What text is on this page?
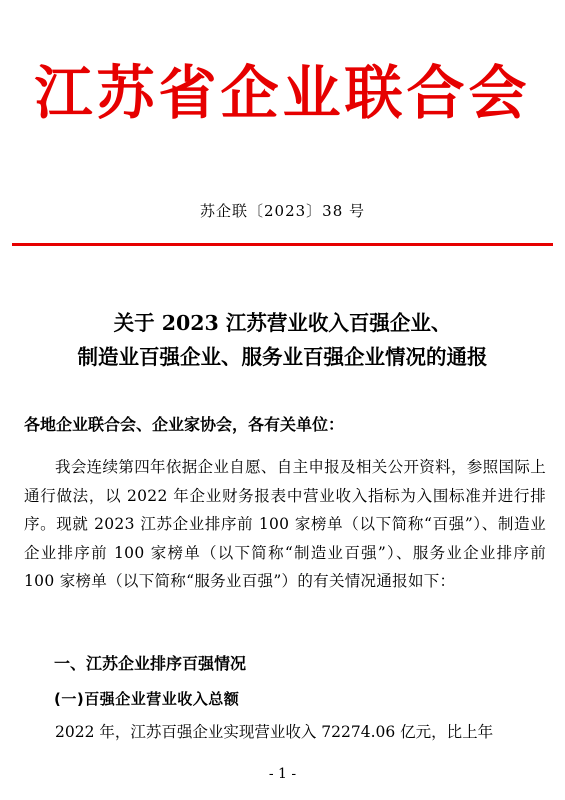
江苏省企业联合会
苏企联〔2023〕38 号
关于 2023 江苏营业收入百强企业、
制造业百强企业、服务业百强企业情况的通报
各地企业联合会、企业家协会，各有关单位：
我会连续第四年依据企业自愿、自主申报及相关公开资料，参照国际上通行做法，以 2022 年企业财务报表中营业收入指标为入围标准并进行排序。现就 2023 江苏企业排序前 100 家榜单（以下简称“百强”）、制造业企业排序前 100 家榜单（以下简称“制造业百强”）、服务业企业排序前 100 家榜单（以下简称“服务业百强”）的有关情况通报如下：
一、江苏企业排序百强情况
(一)百强企业营业收入总额
2022 年，江苏百强企业实现营业收入 72274.06 亿元，比上年
- 1 -
